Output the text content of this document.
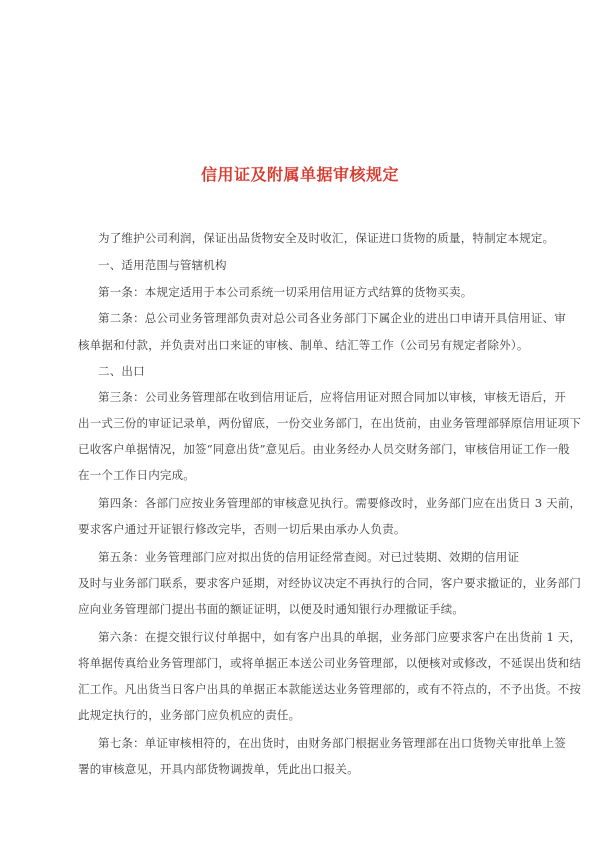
信用证及附属单据审核规定
为了维护公司利润，保证出品货物安全及时收汇，保证进口货物的质量，特制定本规定。
一、适用范围与管辖机构
第一条：本规定适用于本公司系统一切采用信用证方式结算的货物买卖。
第二条：总公司业务管理部负责对总公司各业务部门下属企业的进出口申请开具信用证、审
核单据和付款，并负责对出口来证的审核、制单、结汇等工作（公司另有规定者除外）。
二、出口
第三条：公司业务管理部在收到信用证后，应将信用证对照合同加以审核，审核无语后，开
出一式三份的审证记录单，两份留底，一份交业务部门，在出货前，由业务管理部驿原信用证项下
已收客户单据情况，加签“同意出货”意见后。由业务经办人员交财务部门，审核信用证工作一般
在一个工作日内完成。
第四条：各部门应按业务管理部的审核意见执行。需要修改时，业务部门应在出货日 3 天前，
要求客户通过开证银行修改完毕，否则一切后果由承办人负责。
第五条：业务管理部门应对拟出货的信用证经常查阅。对已过装期、效期的信用证
及时与业务部门联系，要求客户延期，对经协议决定不再执行的合同，客户要求撤证的，业务部门
应向业务管理部门提出书面的额证证明，以便及时通知银行办理撤证手续。
第六条：在提交银行议付单据中，如有客户出具的单据，业务部门应要求客户在出货前 1 天，
将单据传真给业务管理部门，或将单据正本送公司业务管理部，以便核对或修改，不延误出货和结
汇工作。凡出货当日客户出具的单据正本款能送达业务管理部的，或有不符点的，不予出货。不按
此规定执行的，业务部门应负机应的责任。
第七条：单证审核相符的，在出货时，由财务部门根据业务管理部在出口货物关审批单上签
署的审核意见，开具内部货物调拨单，凭此出口报关。
